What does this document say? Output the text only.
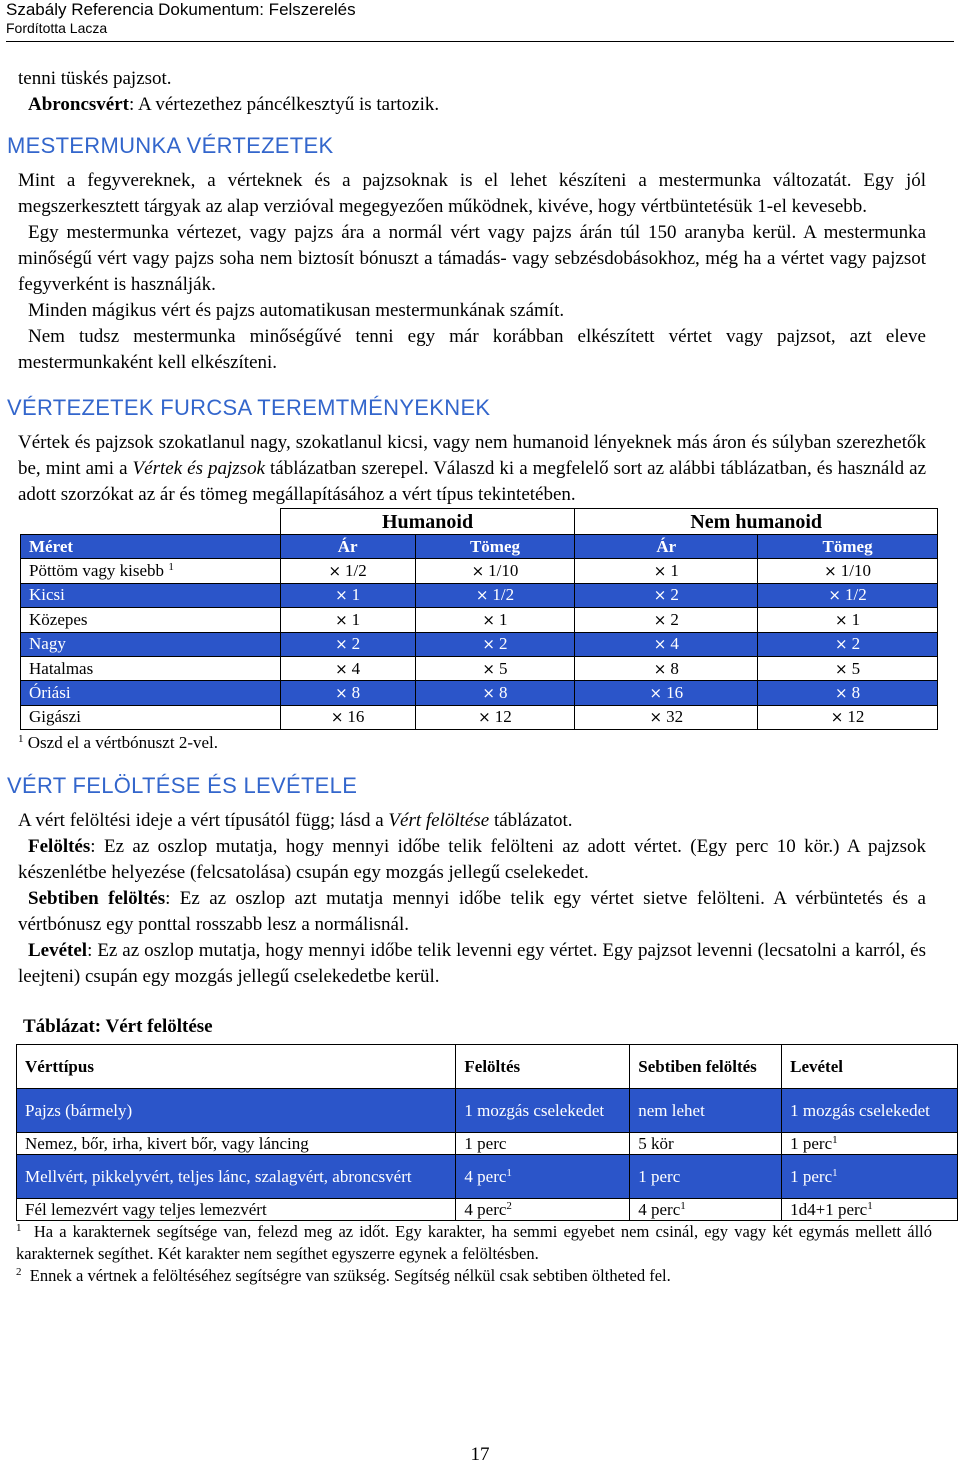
Szabály Referencia Dokumentum: Felszerelés
Fordította Lacza

tenni tüskés pajzsot.

Abroncsvért: A vértezethez páncélkesztyű is tartozik.

MESTERMUNKA VÉRTEZETEK

Mint a fegyvereknek, a vérteknek és a pajzsoknak is el lehet készíteni a mestermunka változatát. Egy jól megszerkesztett tárgyak az alap verzióval megegyezően működnek, kivéve, hogy vértbüntetésük 1-el kevesebb.

Egy mestermunka vértezet, vagy pajzs ára a normál vért vagy pajzs árán túl 150 aranyba kerül. A mestermunka minőségű vért vagy pajzs soha nem biztosít bónuszt a támadás- vagy sebzésdobásokhoz, még ha a vértet vagy pajzsot fegyverként is használják.

Minden mágikus vért és pajzs automatikusan mestermunkának számít.

Nem tudsz mestermunka minőségűvé tenni egy már korábban elkészített vértet vagy pajzsot, azt eleve mestermunkaként kell elkészíteni.

VÉRTEZETEK FURCSA TEREMTMÉNYEKNEK

Vértek és pajzsok szokatlanul nagy, szokatlanul kicsi, vagy nem humanoid lényeknek más áron és súlyban szerezhetők be, mint ami a Vértek és pajzsok táblázatban szerepel. Válaszd ki a megfelelő sort az alábbi táblázatban, és használd az adott szorzókat az ár és tömeg megállapításához a vért típus tekintetében.

	Humanoid		Nem humanoid	
Méret	Ár	Tömeg	Ár	Tömeg
Pöttöm vagy kisebb $^1$	× 1/2	× 1/10	× 1	× 1/10
Kicsi	× 1	× 1/2	× 2	× 1/2
Közepes	× 1	× 1	× 2	× 1
Nagy	× 2	× 2	× 4	× 2
Hatalmas	× 4	× 5	× 8	× 5
Óriási	× 8	× 8	× 16	× 8
Gigászi	× 16	× 12	× 32	× 12
$^1$ Oszd el a vértbónuszt 2-vel.
VÉRT FELÖLTÉSE ÉS LEVÉTELE

A vért felöltési ideje a vért típusától függ; lásd a Vért felöltése táblázatot.

Felöltés: Ez az oszlop mutatja, hogy mennyi időbe telik felölteni az adott vértet. (Egy perc 10 kör.) A pajzsok készenlétbe helyezése (felcsatolása) csupán egy mozgás jellegű cselekedet.

Sebtiben felöltés: Ez az oszlop azt mutatja mennyi időbe telik egy vértet sietve felölteni. A vérbüntetés és a vértbónusz egy ponttal rosszabb lesz a normálisnál.

Levétel: Ez az oszlop mutatja, hogy mennyi időbe telik levenni egy vértet. Egy pajzsot levenni (lecsatolni a karról, és leejteni) csupán egy mozgás jellegű cselekedetbe kerül.

Táblázat: Vért felöltése
Vérttípus	Felöltés	Sebtiben felöltés	Levétel
Pajzs (bármely)	1 mozgás cselekedet	nem lehet	1 mozgás cselekedet
Nemez, bőr, irha, kivert bőr, vagy láncing	1 perc	5 kör	1 perc$^1$
Mellvért, pikkelyvért, teljes lánc, szalagvért, abroncsvért	4 perc$^1$	1 perc	1 perc$^1$
Fél lemezvért vagy teljes lemezvért	4 perc$^2$	4 perc$^1$	1d4+1 perc$^1$
$^1$ Ha a karakternek segítsége van, felezd meg az időt. Egy karakter, ha semmi egyebet nem csinál, egy vagy két egymás mellett álló karakternek segíthet. Két karakter nem segíthet egyszerre egynek a felöltésben.
$^2$ Ennek a vértnek a felöltéséhez segítségre van szükség. Segítség nélkül csak sebtiben öltheted fel.
17
